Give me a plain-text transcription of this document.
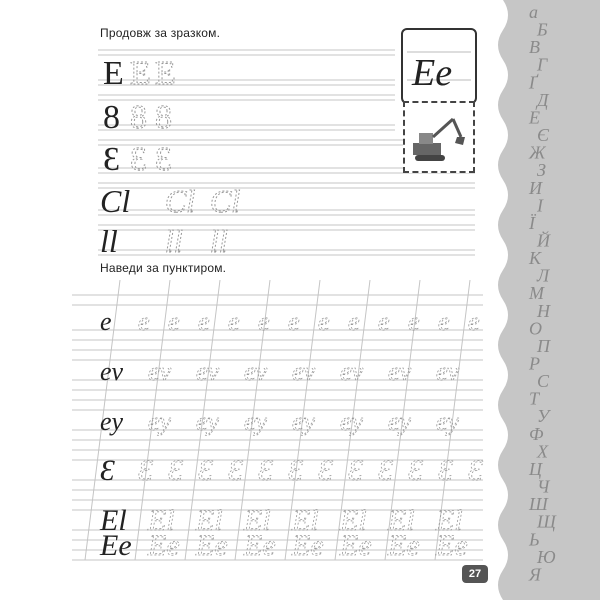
Продовж за зразком.
Наведи за пунктиром.
E E E
8 8 8
Ɛ Ɛ Ɛ
Cl Cl Cl
ll ll ll
e e e e e e e e e e e e e
ev ev ev ev ev ev ev ev
ey ey ey ey ey ey ey ey
Ɛ Ɛ Ɛ Ɛ Ɛ Ɛ Ɛ Ɛ Ɛ Ɛ Ɛ Ɛ Ɛ
El El El El El El El El
Ee Ee Ee Ee Ee Ee Ee Ee
Ее
а
Б
В
Г
Ґ
Д
Е
Є
Ж
З
И
І
Ї
Й
К
Л
М
Н
О
П
Р
С
Т
У
Ф
Х
Ц
Ч
Ш
Щ
Ь
Ю
Я
27
